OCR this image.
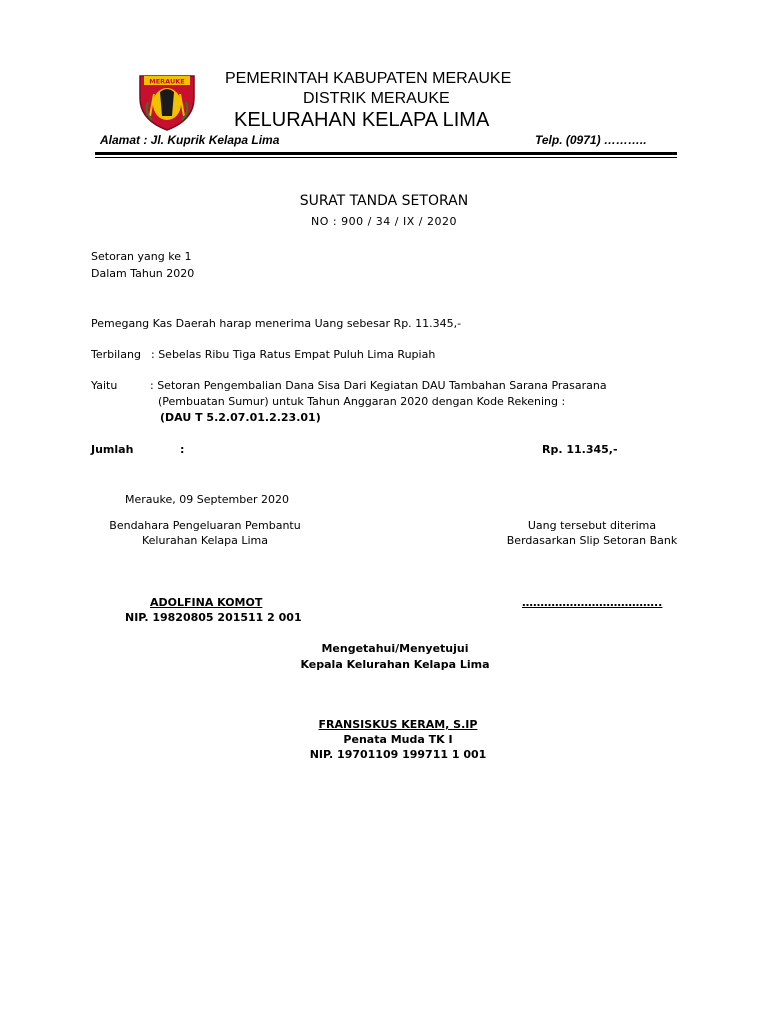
MERAUKE	PEMERINTAH KABUPATEN MERAUKE
DISTRIK MERAUKE
KELURAHAN KELAPA LIMA
Alamat : Jl. Kuprik Kelapa Lima	Telp. (0971) ………..
SURAT TANDA SETORAN
NO : 900 / 34 / IX / 2020
Setoran yang ke 1
Dalam Tahun 2020
Pemegang Kas Daerah harap menerima Uang sebesar Rp. 11.345,-
Terbilang : Sebelas Ribu Tiga Ratus Empat Puluh Lima Rupiah
Yaitu	: Setoran Pengembalian Dana Sisa Dari Kegiatan DAU Tambahan Sarana Prasarana
(Pembuatan Sumur) untuk Tahun Anggaran 2020 dengan Kode Rekening :
(DAU T 5.2.07.01.2.23.01)
Jumlah	:	Rp. 11.345,-
Merauke, 09 September 2020
Bendahara Pengeluaran Pembantu
Kelurahan Kelapa Lima
Uang tersebut diterima
Berdasarkan Slip Setoran Bank
ADOLFINA KOMOT
NIP. 19820805 201511 2 001
………………………………..
Mengetahui/Menyetujui
Kepala Kelurahan Kelapa Lima
FRANSISKUS KERAM, S.IP
Penata Muda TK I
NIP. 19701109 199711 1 001
